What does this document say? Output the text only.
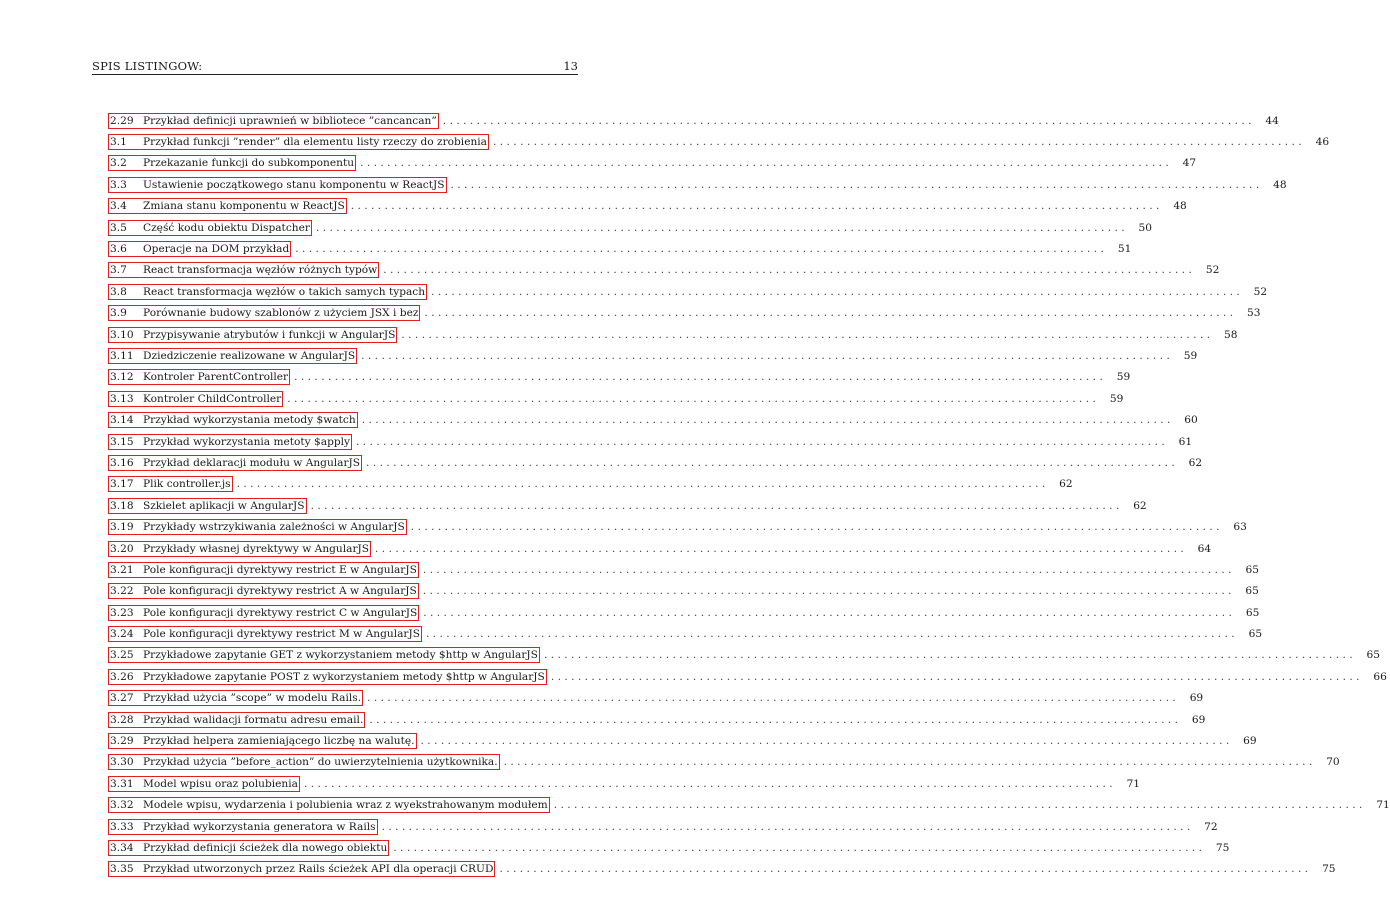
SPIS LISTINGOW:	13
2.29 Przykład definicji uprawnień w bibliotece ”cancancan” ........................................................................................................................ 44
3.1	Przykład funkcji ”render” dla elementu listy rzeczy do zrobienia ........................................................................................................................ 46
3.2	Przekazanie funkcji do subkomponentu ........................................................................................................................ 47
3.3	Ustawienie początkowego stanu komponentu w ReactJS ........................................................................................................................ 48
3.4	Zmiana stanu komponentu w ReactJS ........................................................................................................................ 48
3.5	Część kodu obiektu Dispatcher ........................................................................................................................ 50
3.6	Operacje na DOM przykład ........................................................................................................................ 51
3.7	React transformacja węzłów różnych typów ........................................................................................................................ 52
3.8	React transformacja węzłów o takich samych typach ........................................................................................................................ 52
3.9	Porównanie budowy szablonów z użyciem JSX i bez ........................................................................................................................ 53
3.10 Przypisywanie atrybutów i funkcji w AngularJS ........................................................................................................................ 58
3.11 Dziedziczenie realizowane w AngularJS ........................................................................................................................ 59
3.12 Kontroler ParentController ........................................................................................................................ 59
3.13 Kontroler ChildController ........................................................................................................................ 59
3.14 Przykład wykorzystania metody $watch ........................................................................................................................ 60
3.15 Przykład wykorzystania metoty $apply ........................................................................................................................ 61
3.16 Przykład deklaracji modułu w AngularJS ........................................................................................................................ 62
3.17 Plik controller.js ........................................................................................................................ 62
3.18 Szkielet aplikacji w AngularJS ........................................................................................................................ 62
3.19 Przykłady wstrzykiwania zależności w AngularJS ........................................................................................................................ 63
3.20 Przykłady własnej dyrektywy w AngularJS ........................................................................................................................ 64
3.21 Pole konfiguracji dyrektywy restrict E w AngularJS ........................................................................................................................ 65
3.22 Pole konfiguracji dyrektywy restrict A w AngularJS ........................................................................................................................ 65
3.23 Pole konfiguracji dyrektywy restrict C w AngularJS ........................................................................................................................ 65
3.24 Pole konfiguracji dyrektywy restrict M w AngularJS ........................................................................................................................ 65
3.25 Przykładowe zapytanie GET z wykorzystaniem metody $http w AngularJS ........................................................................................................................ 65
3.26 Przykładowe zapytanie POST z wykorzystaniem metody $http w AngularJS ........................................................................................................................ 66
3.27 Przykład użycia ”scope” w modelu Rails. ........................................................................................................................ 69
3.28 Przykład walidacji formatu adresu email. ........................................................................................................................ 69
3.29 Przykład helpera zamieniającego liczbę na walutę. ........................................................................................................................ 69
3.30 Przykład użycia ”before_action” do uwierzytelnienia użytkownika. ........................................................................................................................ 70
3.31 Model wpisu oraz polubienia ........................................................................................................................ 71
3.32 Modele wpisu, wydarzenia i polubienia wraz z wyekstrahowanym modułem ........................................................................................................................ 71
3.33 Przykład wykorzystania generatora w Rails ........................................................................................................................ 72
3.34 Przykład definicji ścieżek dla nowego obiektu ........................................................................................................................ 75
3.35 Przykład utworzonych przez Rails ścieżek API dla operacji CRUD ........................................................................................................................ 75
